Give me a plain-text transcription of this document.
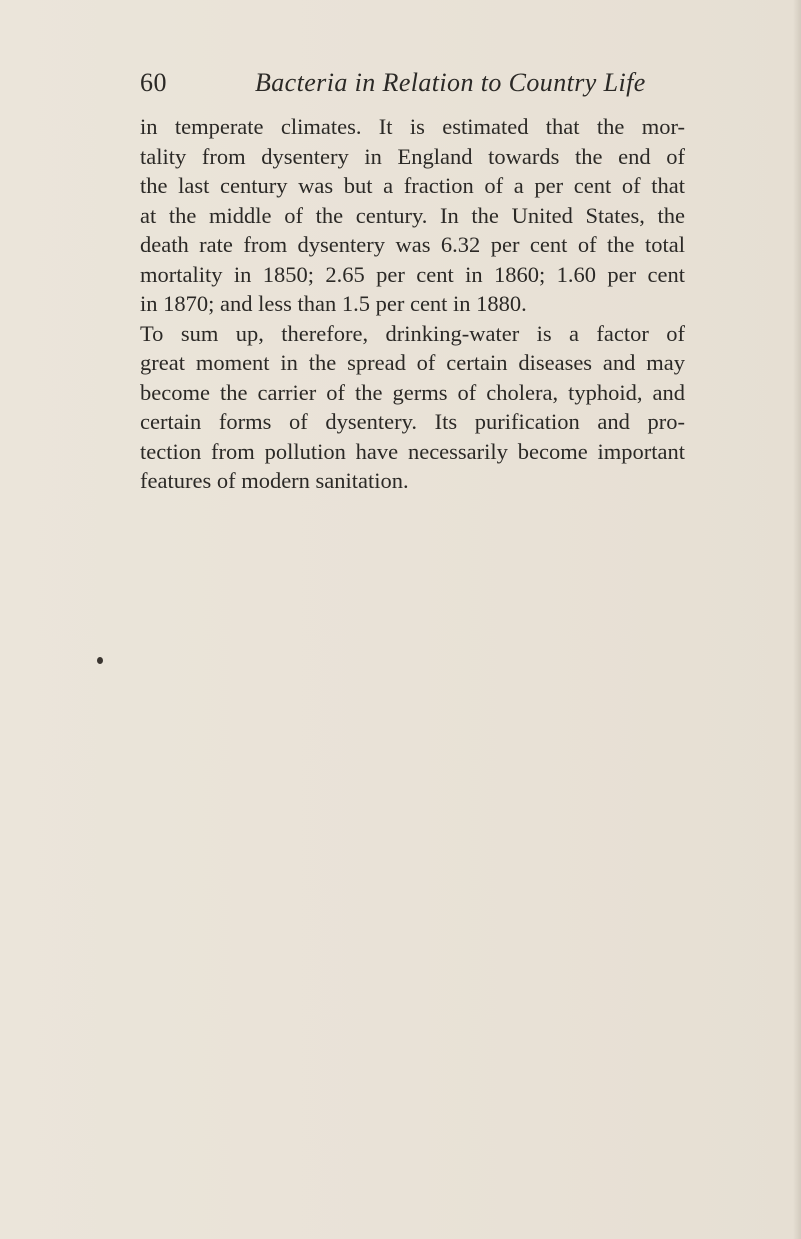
60	Bacteria in Relation to Country Life
in temperate climates. It is estimated that the mor-
tality from dysentery in England towards the end of
the last century was but a fraction of a per cent of that
at the middle of the century. In the United States, the
death rate from dysentery was 6.32 per cent of the total
mortality in 1850; 2.65 per cent in 1860; 1.60 per cent
in 1870; and less than 1.5 per cent in 1880.
To sum up, therefore, drinking-water is a factor of
great moment in the spread of certain diseases and may
become the carrier of the germs of cholera, typhoid, and
certain forms of dysentery. Its purification and pro-
tection from pollution have necessarily become important
features of modern sanitation.
